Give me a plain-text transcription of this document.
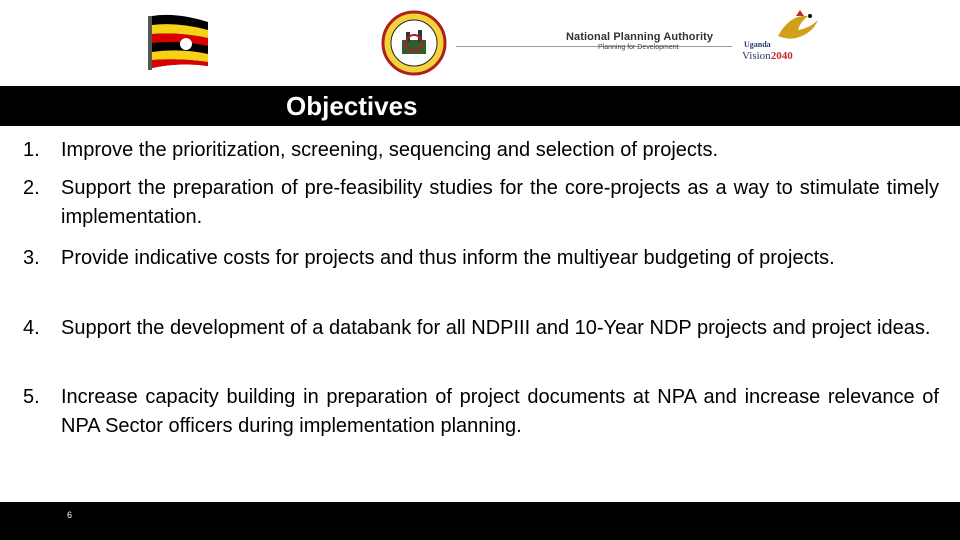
National Planning Authority
Planning for Development	Uganda
Vision2040
Objectives
1. Improve the prioritization, screening, sequencing and selection of projects.
2. Support the preparation of pre-feasibility studies for the core-projects as a way to stimulate timely implementation.
3. Provide indicative costs for projects and thus inform the multiyear budgeting of projects.
4. Support the development of a databank for all NDPIII and 10-Year NDP projects and project ideas.
5. Increase capacity building in preparation of project documents at NPA and increase relevance of NPA Sector officers during implementation planning.
6
